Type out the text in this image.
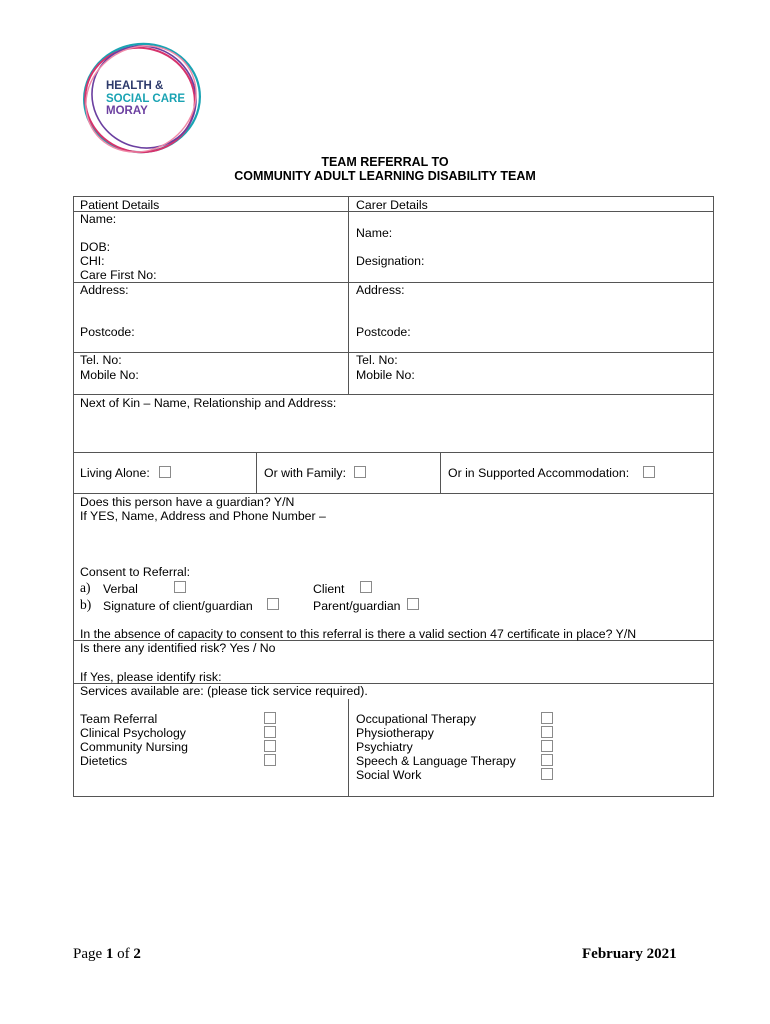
HEALTH &
SOCIAL CARE
MORAY
TEAM REFERRAL TO
COMMUNITY ADULT LEARNING DISABILITY TEAM
Patient Details
Name:
DOB:
CHI:
Care First No:
Address:
Postcode:
Tel. No:
Mobile No:
Carer Details
Name:
Designation:
Address:
Postcode:
Tel. No:
Mobile No:
Next of Kin – Name, Relationship and Address:
Living Alone:	Or with Family:	Or in Supported Accommodation:
Does this person have a guardian? Y/N
If YES, Name, Address and Phone Number –
Consent to Referral:
a) Verbal	Client
b) Signature of client/guardian	Parent/guardian
In the absence of capacity to consent to this referral is there a valid section 47 certificate in place? Y/N
Is there any identified risk? Yes / No
If Yes, please identify risk:
Services available are: (please tick service required).
Team Referral
Clinical Psychology
Community Nursing
Dietetics
Occupational Therapy
Physiotherapy
Psychiatry
Speech & Language Therapy
Social Work
Page 1 of 2	February 2021
